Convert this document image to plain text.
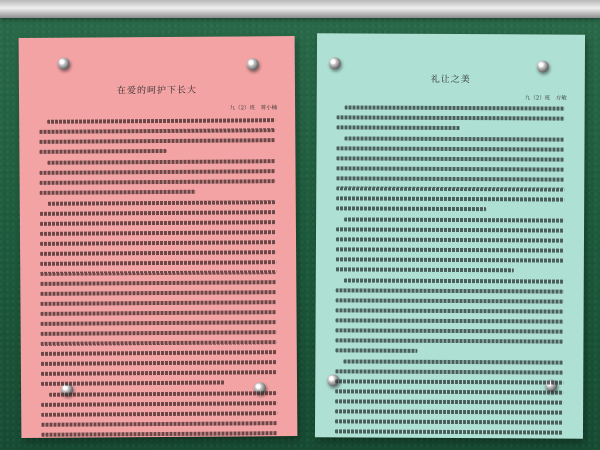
在爱的呵护下长大
九（2）班　蒋小楠
礼让之美
九（2）班　方敏
